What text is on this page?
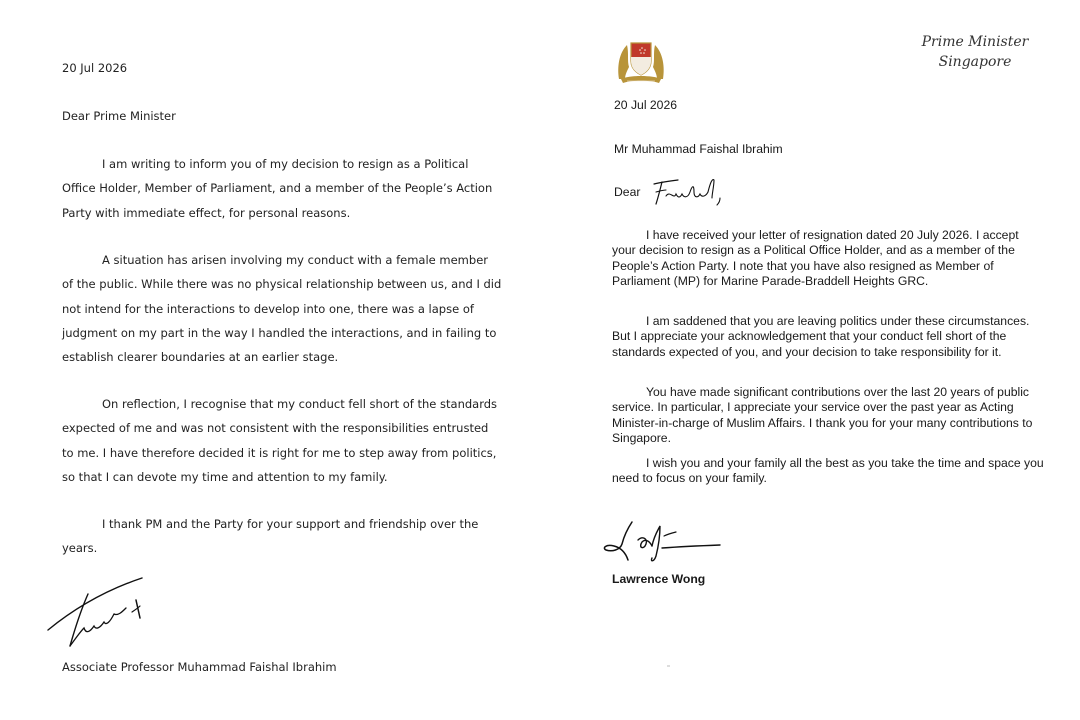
20 Jul 2026
Dear Prime Minister

I am writing to inform you of my decision to resign as a Political Office Holder, Member of Parliament, and a member of the People’s Action Party with immediate effect, for personal reasons.

A situation has arisen involving my conduct with a female member of the public. While there was no physical relationship between us, and I did not intend for the interactions to develop into one, there was a lapse of judgment on my part in the way I handled the interactions, and in failing to establish clearer boundaries at an earlier stage.

On reflection, I recognise that my conduct fell short of the standards expected of me and was not consistent with the responsibilities entrusted to me. I have therefore decided it is right for me to step away from politics, so that I can devote my time and attention to my family.

I thank PM and the Party for your support and friendship over the years.

Associate Professor Muhammad Faishal Ibrahim
Prime Minister
Singapore
20 Jul 2026
Mr Muhammad Faishal Ibrahim
Dear

I have received your letter of resignation dated 20 July 2026. I accept your decision to resign as a Political Office Holder, and as a member of the People’s Action Party. I note that you have also resigned as Member of Parliament (MP) for Marine Parade-Braddell Heights GRC.

I am saddened that you are leaving politics under these circumstances. But I appreciate your acknowledgement that your conduct fell short of the standards expected of you, and your decision to take responsibility for it.

You have made significant contributions over the last 20 years of public service. In particular, I appreciate your service over the past year as Acting Minister-in-charge of Muslim Affairs. I thank you for your many contributions to Singapore.

I wish you and your family all the best as you take the time and space you need to focus on your family.

Lawrence Wong
